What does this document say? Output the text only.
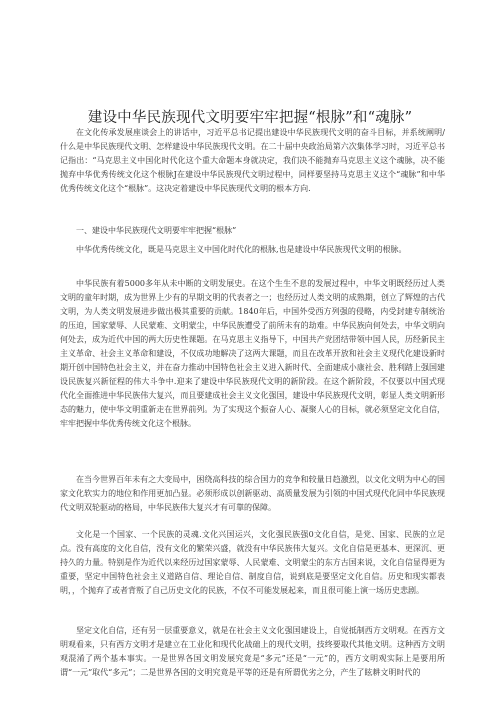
建设中华民族现代文明要牢牢把握“根脉”和“魂脉”

在文化传承发展座谈会上的讲话中，习近平总书记提出建设中华民族现代文明的奋斗目标，并系统阐明/什么是中华民族现代文明、怎样建设中华民族现代文明。在二十届中央政治局第六次集体学习时，习近平总书记指出：“马克思主义中国化时代化这个重大命题本身就决定，我们决不能抛弃马克思主义这个魂脉，决不能抛弃中华优秀传统文化这个根脉J在建设中华民族现代文明过程中，同样要坚持马克思主义这个“魂脉”和中华优秀传统文化这个“根脉”。这决定着建设中华民族现代文明的根本方向.

一、建设中华民族现代文明要牢牢把握“根脉”

中华优秀传统文化，既是马克思主义中国化时代化的根脉,也是建设中华民族现代文明的根脉。

中华民族有着5000多年从未中断的文明发展史。在这个生生不息的发展过程中，中华文明既经历过人类文明的童年时期，成为世界上少有的早期文明的代表者之一；也经历过人类文明的成熟期，创立了辉煌的古代文明，为人类文明发展进步做出极其重要的贡献。1840年后，中国外受西方列强的侵略，内受封建专制统治的压迫，国家蒙辱、人民蒙难、文明蒙尘，中华民族遭受了前所未有的劫难。中华民族向何处去，中华文明向何处去，成为近代中国的两大历史性课题。在马克思主义指导下，中国共产党团结带领中国人民，历经新民主主义革命、社会主义革命和建设，不仅成功地解决了这两大课题，而且在改革开放和社会主义现代化建设新时期开创中国特色社会主义，并在奋力推动中国特色社会主义进入新时代、全面建成小康社会、胜利踏上强国建设民族复兴新征程的伟大斗争中.迎来了建设中华民族现代文明的新阶段。在这个新阶段，不仅要以中国式现代化全面推进中华民族伟大复兴，而且要建成社会主义文化强国，建设中华民族现代文明，彰显人类文明新形态的魅力，使中华文明重新走在世界前列。为了实现这个振奋人心、凝聚人心的目标，就必须坚定文化自信，牢牢把握中华优秀传统文化这个根脉。

在当今世界百年未有之大变局中，困绕高科技的综合国力的竞争和较量日趋激烈，以文化文明为中心的国家文化软实力的地位和作用更加凸显。必须形成以创新驱动、高质量发展为引领的中国式现代化同中华民族现代文明双轮驱动的格局，中华民族伟大复兴才有可靠的保障。

文化是一个国家、一个民族的灵魂.文化兴国运兴，文化强民族强0文化自信，是党、国家、民族的立足点。没有高度的文化自信，没有文化的繁荣兴盛，就没有中华民族伟大复兴。文化自信是更基本、更深沉、更持久的力量。特别是作为近代以来经历过国家蒙辱、人民蒙难、文明蒙尘的东方古国来说，文化自信显得更为重要，坚定中国特色社会主义道路自信、理论自信、制度自信，说到底是要坚定文化自信。历史和现实都表明，，个抛弃了或者背叛了自己历史文化的民族，不仅不可能发展起来，而且很可能上演一场历史悲剧。

坚定文化自信，还有另一层重要意义，就是在社会主义文化强国建设上，自觉抵制西方文明观。在西方文明观看来，只有西方文明才是建立在工业化和现代化战础上的现代文明，技终要取代其他文明。这种西方文明观混淆了两个基本事实。一是世界各国文明发展究竟是“多元”还是“一元”的，西方文明观实际上是要用所谓“一元”取代“多元”；二是世界各国的文明究竟是平等的还是有所谓优劣之分，产生了眩耕文明时代的
